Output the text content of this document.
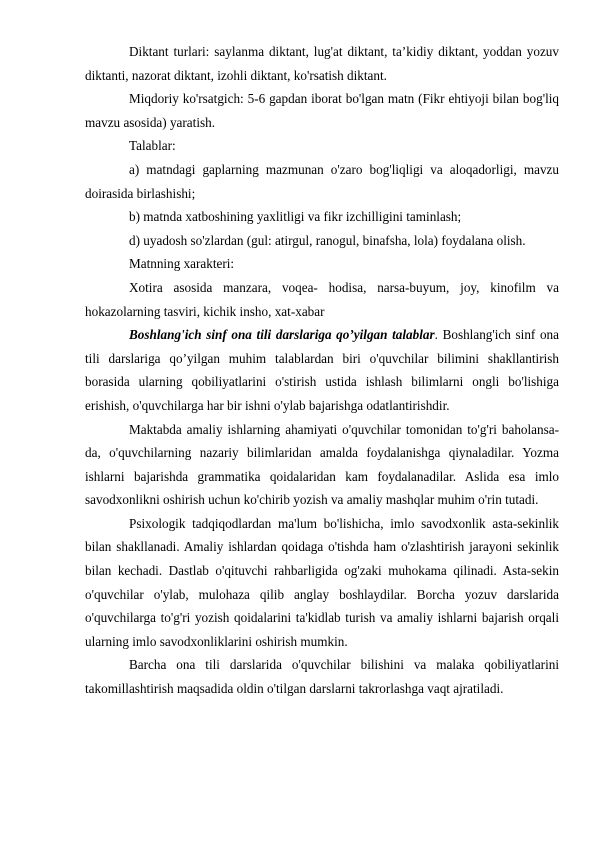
Diktant turlari: saylanma diktant, lug'at diktant, ta’kidiy diktant, yoddan yozuv diktanti, nazorat diktant, izohli diktant, ko'rsatish diktant.

Miqdoriy ko'rsatgich: 5-6 gapdan iborat bo'lgan matn (Fikr ehtiyoji bilan bog'liq mavzu asosida) yaratish.

Talablar:

a) matndagi gaplarning mazmunan o'zaro bog'liqligi va aloqadorligi, mavzu doirasida birlashishi;

b) matnda xatboshining yaxlitligi va fikr izchilligini taminlash;

d) uyadosh so'zlardan (gul: atirgul, ranogul, binafsha, lola) foydalana olish.

Matnning xarakteri:

Xotira asosida manzara, voqea- hodisa, narsa-buyum, joy, kinofilm va hokazolarning tasviri, kichik insho, xat-xabar

Boshlang'ich sinf ona tili darslariga qo’yilgan talablar. Boshlang'ich sinf ona tili darslariga qo’yilgan muhim talablardan biri o'quvchilar bilimini shakllantirish borasida ularning qobiliyatlarini o'stirish ustida ishlash bilimlarni ongli bo'lishiga erishish, o'quvchilarga har bir ishni o'ylab bajarishga odatlantirishdir.

Maktabda amaliy ishlarning ahamiyati o'quvchilar tomonidan to'g'ri baholansa-da, o'quvchilarning nazariy bilimlaridan amalda foydalanishga qiynaladilar. Yozma ishlarni bajarishda grammatika qoidalaridan kam foydalanadilar. Aslida esa imlo savodxonlikni oshirish uchun ko'chirib yozish va amaliy mashqlar muhim o'rin tutadi.

Psixologik tadqiqodlardan ma'lum bo'lishicha, imlo savodxonlik asta-sekinlik bilan shakllanadi. Amaliy ishlardan qoidaga o'tishda ham o'zlashtirish jarayoni sekinlik bilan kechadi. Dastlab o'qituvchi rahbarligida og'zaki muhokama qilinadi. Asta-sekin o'quvchilar o'ylab, mulohaza qilib anglay boshlaydilar. Borcha yozuv darslarida o'quvchilarga to'g'ri yozish qoidalarini ta'kidlab turish va amaliy ishlarni bajarish orqali ularning imlo savodxonliklarini oshirish mumkin.

Barcha ona tili darslarida o'quvchilar bilishini va malaka qobiliyatlarini takomillashtirish maqsadida oldin o'tilgan darslarni takrorlashga vaqt ajratiladi.
